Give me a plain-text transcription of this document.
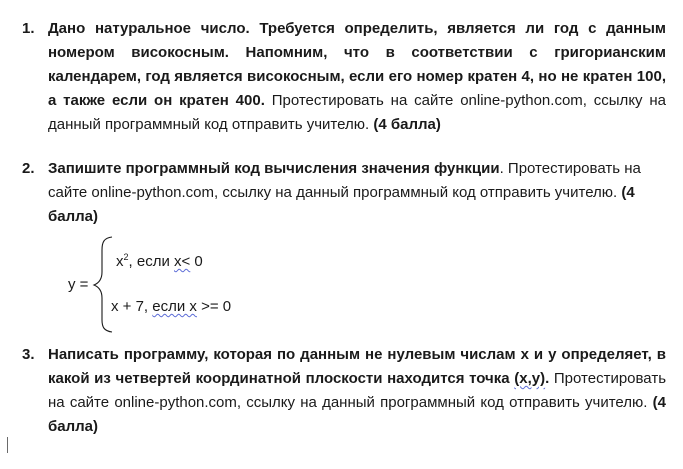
1. Дано натуральное число. Требуется определить, является ли год с данным номером високосным. Напомним, что в соответствии с григорианским календарем, год является високосным, если его номер кратен 4, но не кратен 100, а также если он кратен 400. Протестировать на сайте online-python.com, ссылку на данный программный код отправить учителю. (4 балла)
2. Запишите программный код вычисления значения функции. Протестировать на сайте online-python.com, ссылку на данный программный код отправить учителю. (4 балла)
y =
$x^2$, если x< 0
x + 7, если x >= 0
3. Написать программу, которая по данным не нулевым числам x и y определяет, в какой из четвертей координатной плоскости находится точка (x,y). Протестировать на сайте online-python.com, ссылку на данный программный код отправить учителю. (4 балла)
